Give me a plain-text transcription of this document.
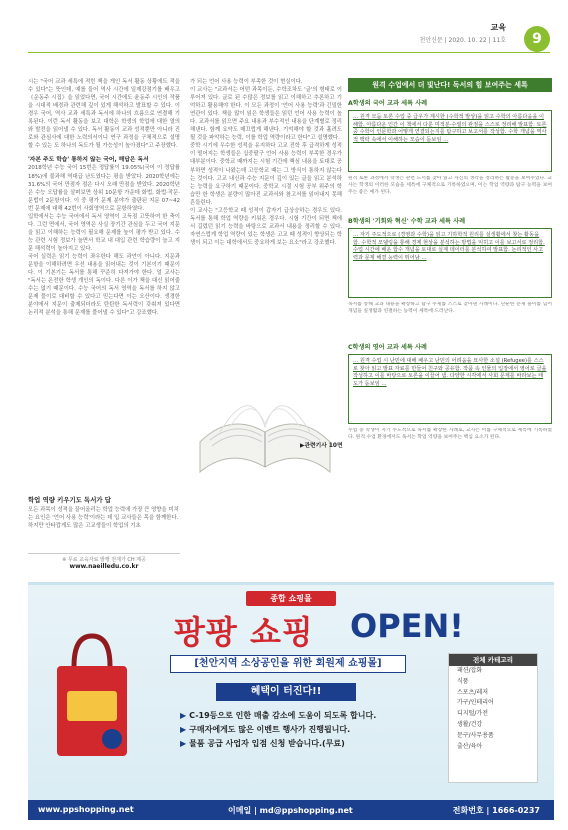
교육
천안신문 | 2020. 10. 22 | 11호	9

시는 "국어 교과 세특에 적힌 책을 게인 독서 활동 상황에도 적을 수 있다"는 뜻인데, 예를 들어 역사 시간에 일제강점기를 배우고 《운동주 시집》을 읽었다면, 국어 시간에도 윤동주 시인의 작품을 시대적 배경과 관련해 깊이 있게 해석하고 발표할 수 있다. 이 경우 국어, 역사 교과 세특과 독서에 하나의 흐름으로 연결해 기록된다. 이런 독서 활동을 보고 대학은 학생의 학업에 대한 열의와 발전을 읽어낼 수 있다. 독서 활동이 교과 성적뿐만 아니라 진로와 관심사에 대한 노력의서이니 연구 과정을 구체적으로 설명할 수 있는 도 하나의 독도가 될 가능성이 높아졌다"고 주장했다.

'자본 주도 학습' 통하지 않는 국어, 해답은 독서

2018학년 수능 국어 15번은 정답률이 19.05%(국어 이 정답률 18%)에 불과해 역대급 난도였다는 평을 받았다. 2020학년에는 31.6%의 국어 만점자 점은 다시 오래 만점을 받았다. 2020학년은 수능 오답률을 살펴보면 상위 10문항 가운데 화법, 화법·작문·문법이 2문항이다. 이 중 평가 문제 분야가 출판된 지문 07~42번 문제에 대해 42번이 사회영역으로 문항하였다.

입학에서는 수능 국어에서 독서 영역이 고득점 고뜻하여 한 축이다. 그런 면에서, 국어 영역은 사실 장기간 관심을 두고 국어 지문을 읽고 이해하는 능력이 필요해 문제를 높이 평가 받고 있다. 수능 관련 시험 정보가 늘면서 학교 내 대입 관련 학습량이 늘고 지문 해석력이 높아지고 있다.

국어 실력은 읽기 능력이 좌우한다 해도 과언이 아니다. 지문과 문항을 이해하려면 우선 내용을 읽어내는 것이 기본이기 때문이다. 이 기본기는 독서를 통해 꾸준히 다져가야 한다. 얼 교사는 "독서는 온전한 학생 개인의 독이다. 다른 이가 책을 대신 읽어줄 수는 없기 때문이다. 수능 국어의 독서 영역을 독서를 하지 않고 문제 풀이로 대비할 수 있다고 믿는다면 이는 오산이다. 생경한 분야에서 지문이 출제되더라도 탄탄한 독서력이 갖춰져 있다면 논리적 분석을 통해 문제를 풀어낼 수 있다"고 강조했다.

가 되는 언어 사용 능력이 부족한 것이 현실이다.

이 교사는 "교과서는 어떤 과목이든, 수학조차도 '글'의 형태로 이루어져 있다. 글로 된 수많은 정보를 읽고 이해하고 추론하고 기억하고 활용해야 한다. 이 모든 과정이 '언어 사용 능력'과 긴밀한 연관이 있다. 책을 많이 읽은 학생들은 읽던 언어 사용 능력이 높다. 교과서를 읽으면 주요 내용과 부수적인 내용을 단계별로 정리해낸다. 함께 요약도 매끄럽게 해낸다. 기억해야 할 것과 흘려도 될 것을 파악하는 능력, 이를 학업 역량이라고 한다"고 설명했다.

중학 시기에 우수한 성적을 유지하다 고교 진학 후 급격하게 성적이 떨어지는 학생들은 십중팔구 언어 사용 능력이 부족한 경우가 대부분이다. 중학교 때까지는 시험 기간에 핵심 내용을 토대로 공부하면 성적이 나왔는데 고등학교 때는 그 방식이 통하지 않는다는 것이다. 고교 내신과 수능 지문이 깊이 있는 글을 읽고 분석하는 능력을 요구하기 때문이다. 중학교 시절 시험 공부 위주의 학습만 한 학생은 분량이 많아진 교과서와 참고서를 읽어내지 못해 흔들린다.

이 교사는 "고등학교 때 성적이 갑자기 급상승하는 경우도 있다. 독서를 통해 학업 역량을 키워온 경우다. 시험 기간이 되면 책에서 길렀던 읽기 능력을 바탕으로 교과서 내용을 정리할 수 있다. 자연스럽게 학업 역량이 있는 학생은 고교 때 성적이 향상되는 학생이 되고 이는 대학에서도 중요하게 보는 요소"라고 강조했다.

▶관련기사 10면
학업 역량 키우기도 독서가 답
모든 과목이 성적을 끌어올리는 학업 능력에 가장 큰 영향을 미치는 요인은 '언어 사용 능력'이라는 데 입 교사들은 목을 함께한다. 하지만 안타깝게도 많은 고교생들이 학업의 기초
※ 무료 교육자료 발행 천재가 CH 제공
www.naeilledu.co.kr
원격 수업에서 더 빛난다! 독서의 힘 보여주는 세특
A학생의 국어 교과 세특 사례
… 원격 모둠 토론 수업 중 급우가 제시한 (수학적 발상)을 읽고 수학의 아름다움을 이해함. 아름다운 인간 이 책에서 다룬 미적분·수열의 관점을 스스로 정리해 발표함. 토론 중 수학이 인문학과 어떻게 연결되는지를 탐구하고 보고서를 작성함. 수학 개념을 역사적 맥락 속에서 이해하는 모습이 돋보임 …
원격 토론 과정에서 학생은 관련 도서를 찾아 읽고 자신의 생각을 정리하는 활동을 보여주었다. 교사는 학생의 이러한 모습을 세특에 구체적으로 기록하였으며, 이는 학업 역량과 탐구 능력을 보여주는 좋은 예가 된다.
B학생의 '기회와 혁신' 수학 교과 세특 사례
… 자기 주도적으로 (경영과 수학)을 읽고 기하학적 원리를 실생활에서 찾는 활동을 함. 수학적 모델링을 통해 경제 현상을 분석하는 방법을 익히고 이를 보고서로 정리함. 수업 시간에 배운 함수 개념을 토대로 실제 데이터를 분석하여 발표함. 논리적인 사고력과 문제 해결 능력이 뛰어남 …
독서를 통해 교과 내용을 확장하고 탐구 주제를 스스로 찾아낸 사례이다. 단순한 문제 풀이를 넘어 개념을 실생활과 연결하는 능력이 세특에 드러난다.
C학생의 영어 교과 세특 사례
… 원격 수업 시 난민에 대해 배우고 난민의 어려움을 묘사한 소설 (Refugee)를 스스로 찾아 읽고 발표 자료를 만들어 친구와 공유함. 작품 속 인물의 입장에서 영어로 글을 작성하고 이를 바탕으로 토론을 이끌어 냄. 다양한 시각에서 사회 문제를 바라보는 태도가 돋보임 …
수업 중 학생이 자기 주도적으로 독서를 확장한 사례로, 교사는 이를 구체적으로 세특에 기록하였다. 원격 수업 환경에서도 독서는 학업 역량을 보여주는 핵심 요소가 된다.
종합 쇼핑몰
팡팡 쇼핑 OPEN!
[천안지역 소상공인을 위한 회원제 쇼핑몰]
혜택이 터진다!!
▶ C-19등으로 인한 매출 감소에 도움이 되도록 합니다.
▶ 구매자에게도 많은 이벤트 행사가 진행됩니다.
▶ 물품 공급 사업자 입점 신청 받습니다.(무료)
전체 카테고리
패션/잡화
식품
스포츠/레저
가구/인테리어
디지털/가전
생활/건강
문구/사무용품
출산/육아
www.ppshopping.net	이메일 | md@ppshopping.net	전화번호 | 1666-0237
